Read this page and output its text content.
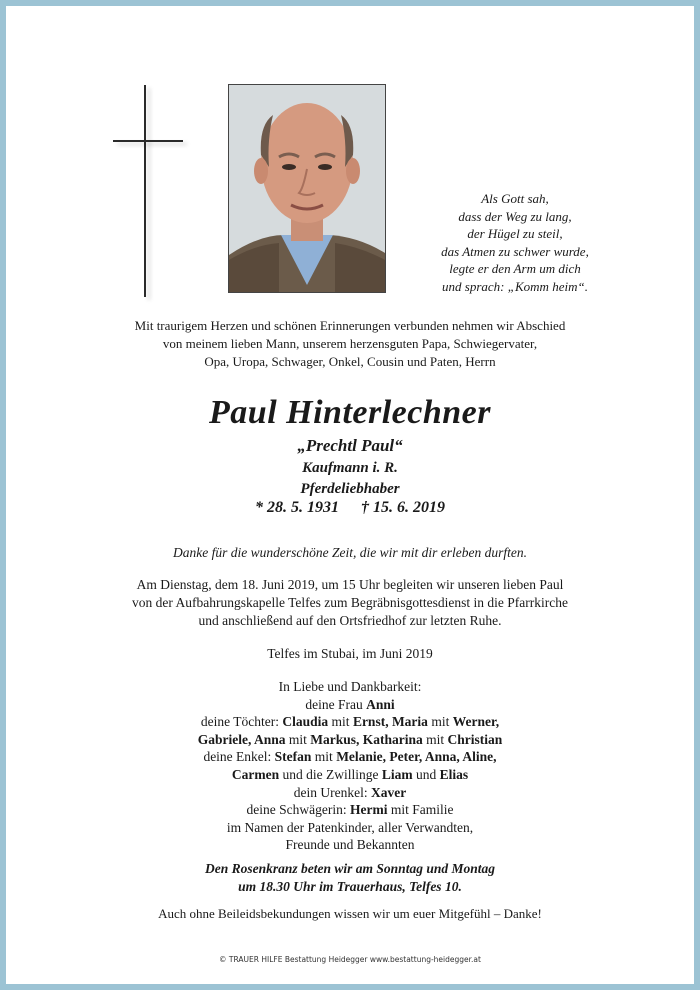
Als Gott sah,
dass der Weg zu lang,
der Hügel zu steil,
das Atmen zu schwer wurde,
legte er den Arm um dich
und sprach: „Komm heim“.
Mit traurigem Herzen und schönen Erinnerungen verbunden nehmen wir Abschied
von meinem lieben Mann, unserem herzensguten Papa, Schwiegervater,
Opa, Uropa, Schwager, Onkel, Cousin und Paten, Herrn
Paul Hinterlechner
„Prechtl Paul“
Kaufmann i. R.
Pferdeliebhaber
* 28. 5. 1931 † 15. 6. 2019
Danke für die wunderschöne Zeit, die wir mit dir erleben durften.
Am Dienstag, dem 18. Juni 2019, um 15 Uhr begleiten wir unseren lieben Paul
von der Aufbahrungskapelle Telfes zum Begräbnisgottesdienst in die Pfarrkirche
und anschließend auf den Ortsfriedhof zur letzten Ruhe.
Telfes im Stubai, im Juni 2019
In Liebe und Dankbarkeit:
deine Frau Anni
deine Töchter: Claudia mit Ernst, Maria mit Werner,
Gabriele, Anna mit Markus, Katharina mit Christian
deine Enkel: Stefan mit Melanie, Peter, Anna, Aline,
Carmen und die Zwillinge Liam und Elias
dein Urenkel: Xaver
deine Schwägerin: Hermi mit Familie
im Namen der Patenkinder, aller Verwandten,
Freunde und Bekannten
Den Rosenkranz beten wir am Sonntag und Montag
um 18.30 Uhr im Trauerhaus, Telfes 10.
Auch ohne Beileidsbekundungen wissen wir um euer Mitgefühl – Danke!
© TRAUER HILFE Bestattung Heidegger www.bestattung-heidegger.at
